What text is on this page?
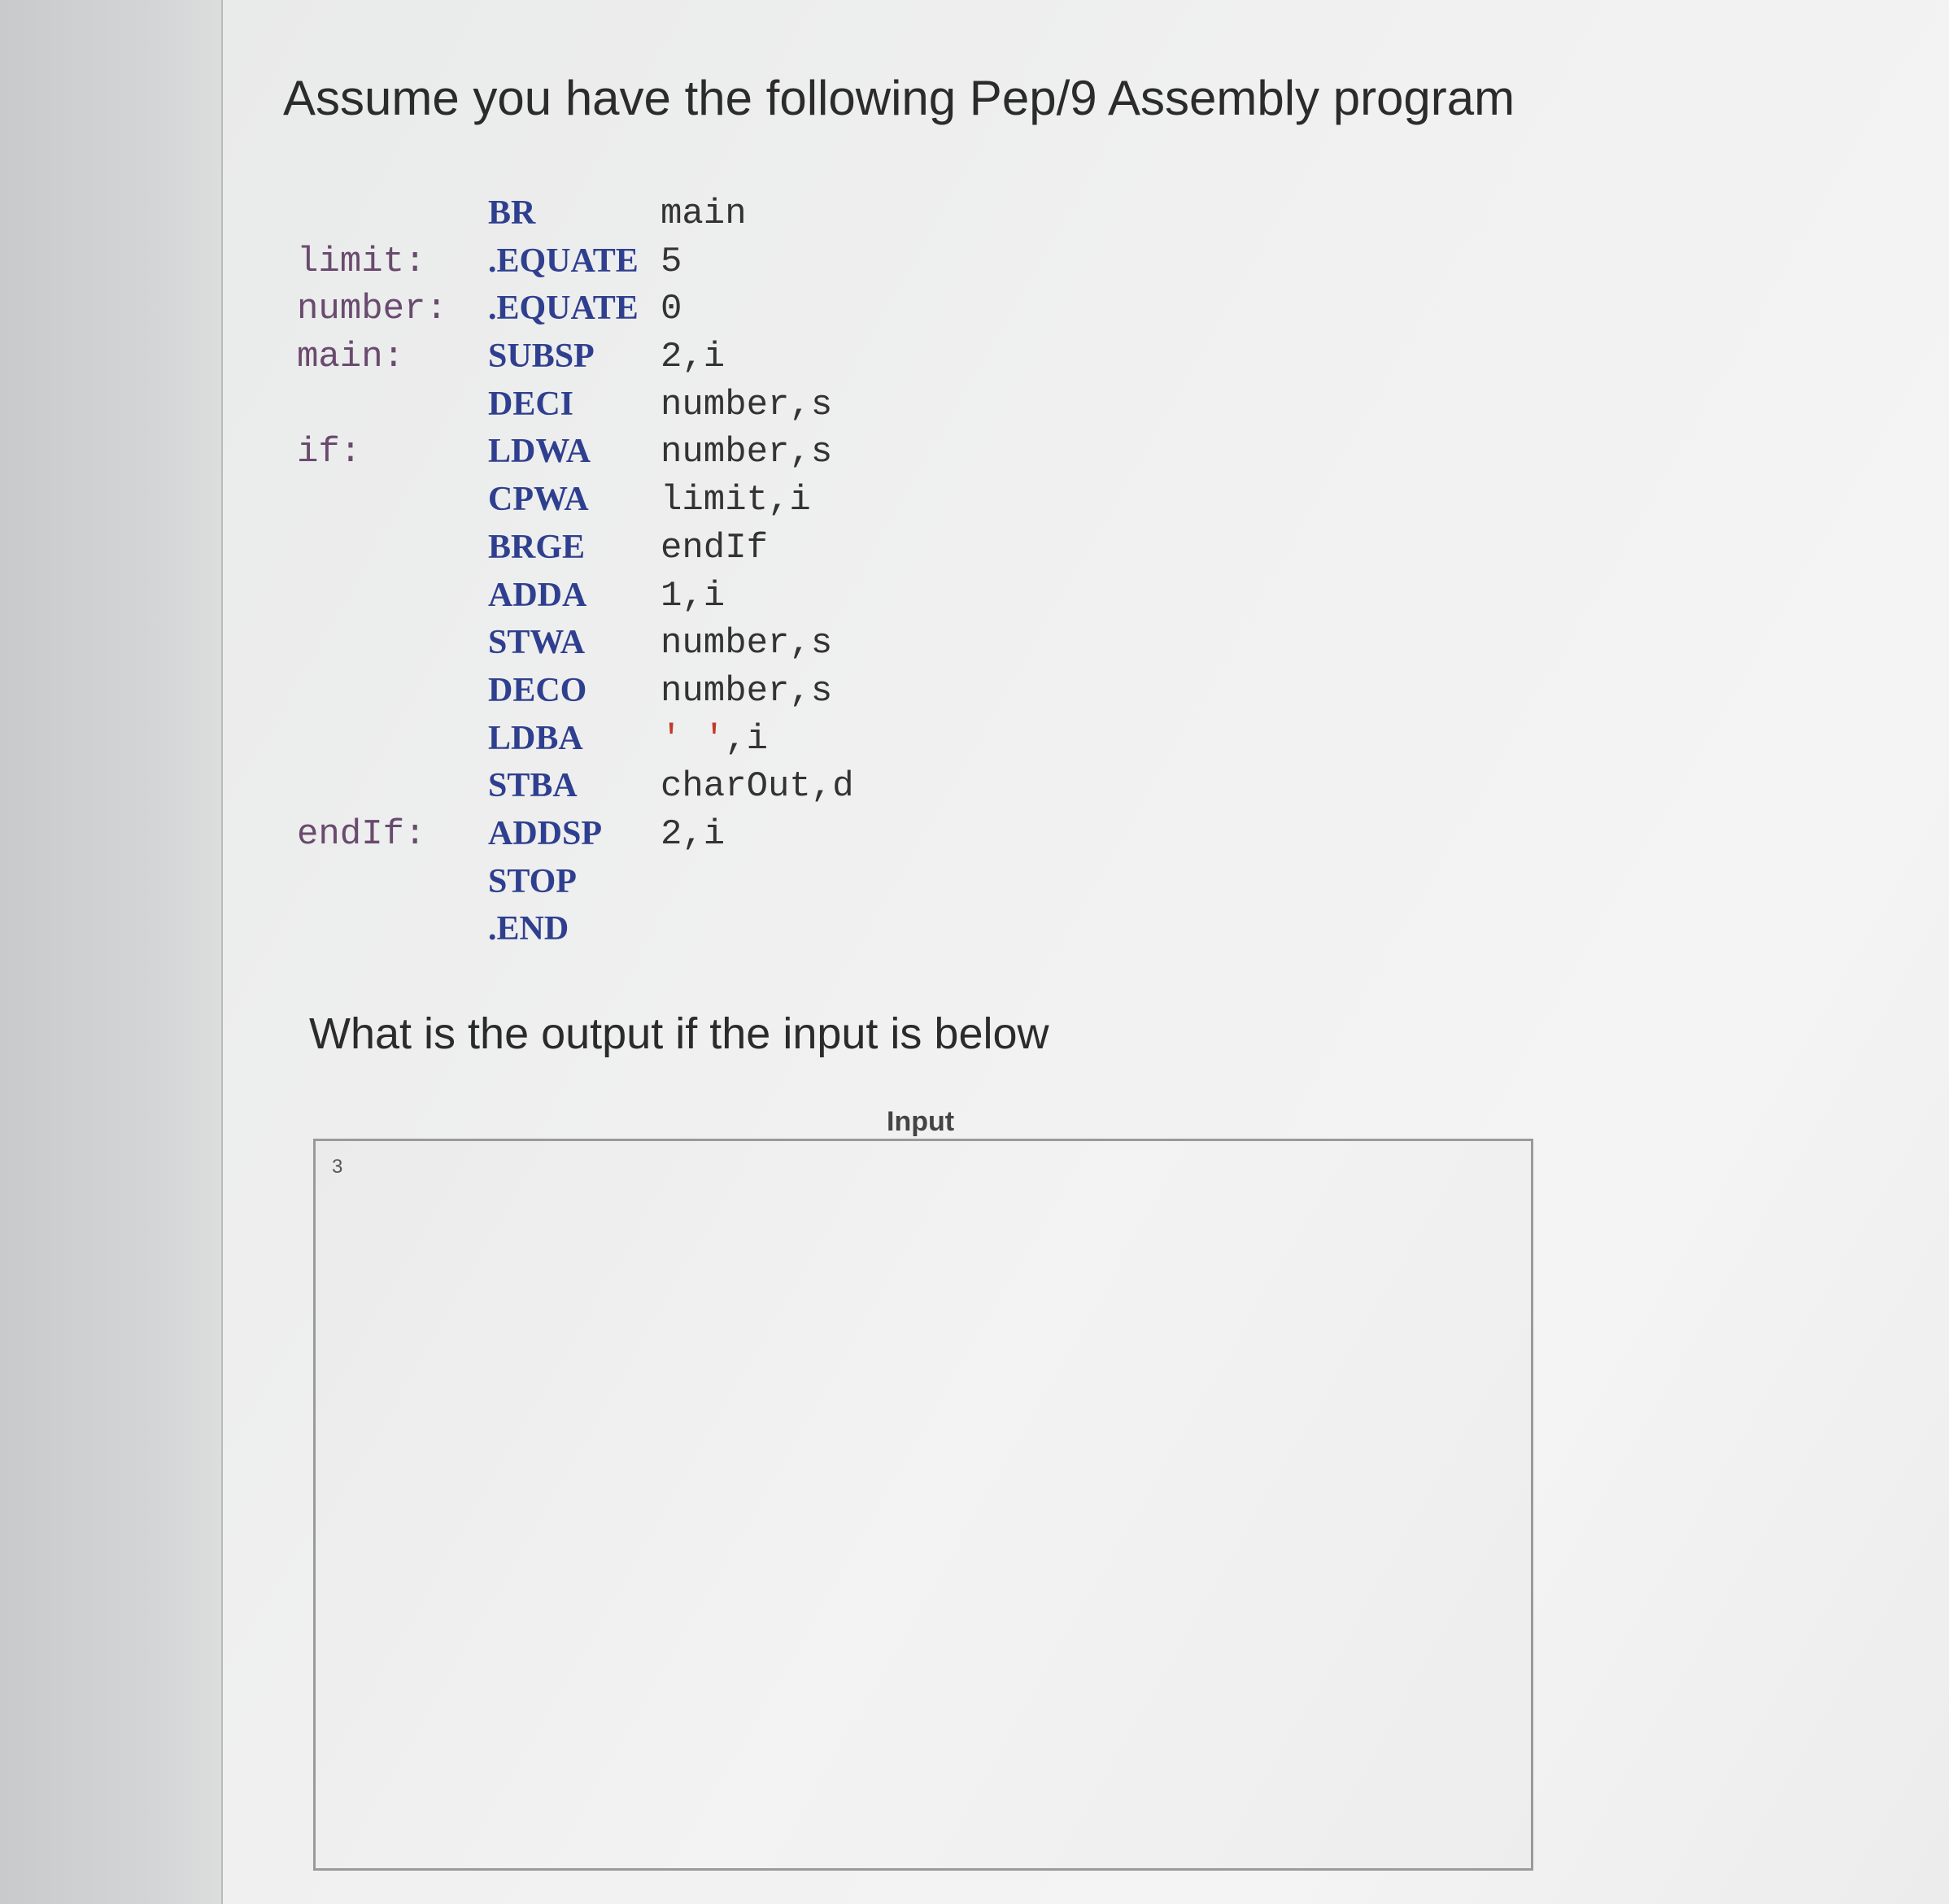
Assume you have the following Pep/9 Assembly program
BR	main
limit: .EQUATE 5
number: .EQUATE 0
main: SUBSP 2,i
DECI number,s
if:	LDWA number,s
CPWA limit,i
BRGE endIf
ADDA 1,i
STWA number,s
DECO number,s
LDBA ' ',i
STBA charOut,d
endIf: ADDSP 2,i
STOP
.END
What is the output if the input is below
Input
3
